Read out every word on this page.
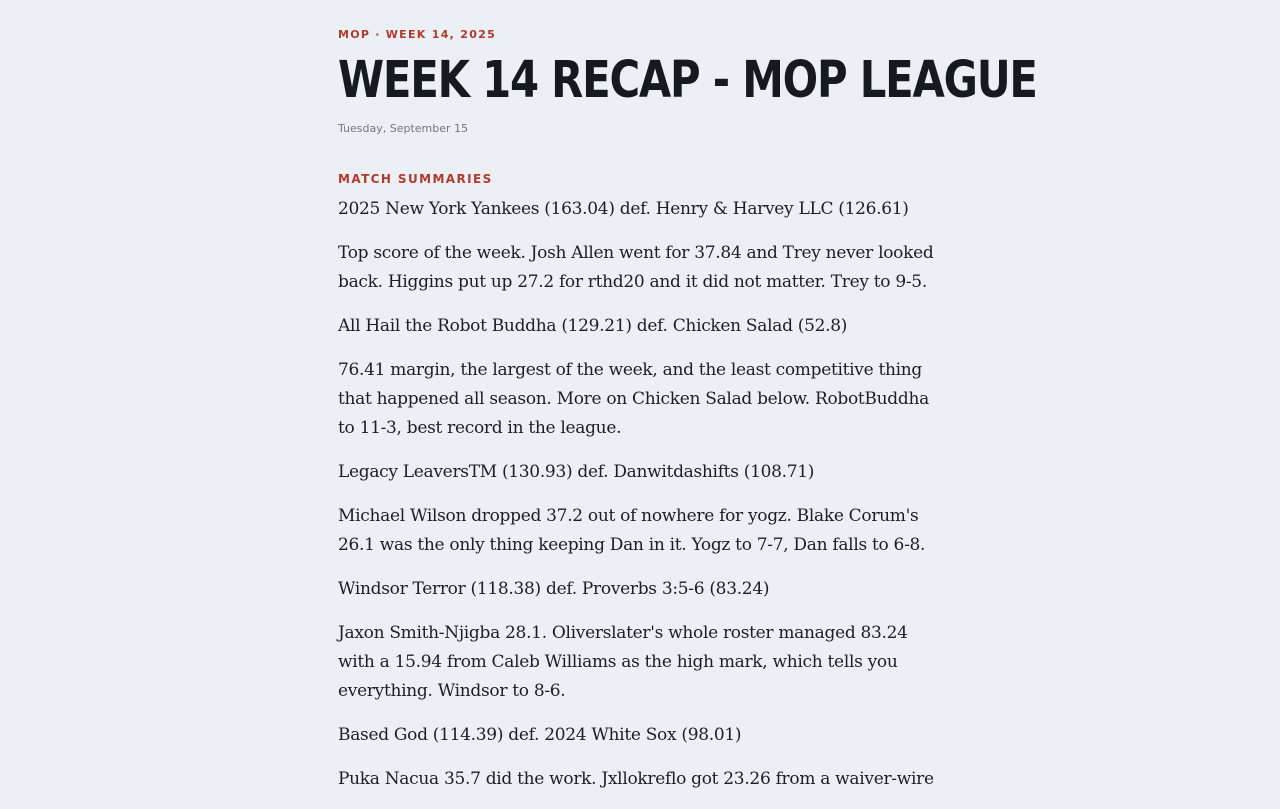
MOP · WEEK 14, 2025
WEEK 14 RECAP - MOP LEAGUE
Tuesday, September 15
MATCH SUMMARIES

2025 New York Yankees (163.04) def. Henry & Harvey LLC (126.61)

Top score of the week. Josh Allen went for 37.84 and Trey never looked back. Higgins put up 27.2 for rthd20 and it did not matter. Trey to 9-5.

All Hail the Robot Buddha (129.21) def. Chicken Salad (52.8)

76.41 margin, the largest of the week, and the least competitive thing that happened all season. More on Chicken Salad below. RobotBuddha to 11-3, best record in the league.

Legacy LeaversTM (130.93) def. Danwitdashifts (108.71)

Michael Wilson dropped 37.2 out of nowhere for yogz. Blake Corum's 26.1 was the only thing keeping Dan in it. Yogz to 7-7, Dan falls to 6-8.

Windsor Terror (118.38) def. Proverbs 3:5-6 (83.24)

Jaxon Smith-Njigba 28.1. Oliverslater's whole roster managed 83.24 with a 15.94 from Caleb Williams as the high mark, which tells you everything. Windsor to 8-6.

Based God (114.39) def. 2024 White Sox (98.01)

Puka Nacua 35.7 did the work. Jxllokreflo got 23.26 from a waiver-wire
